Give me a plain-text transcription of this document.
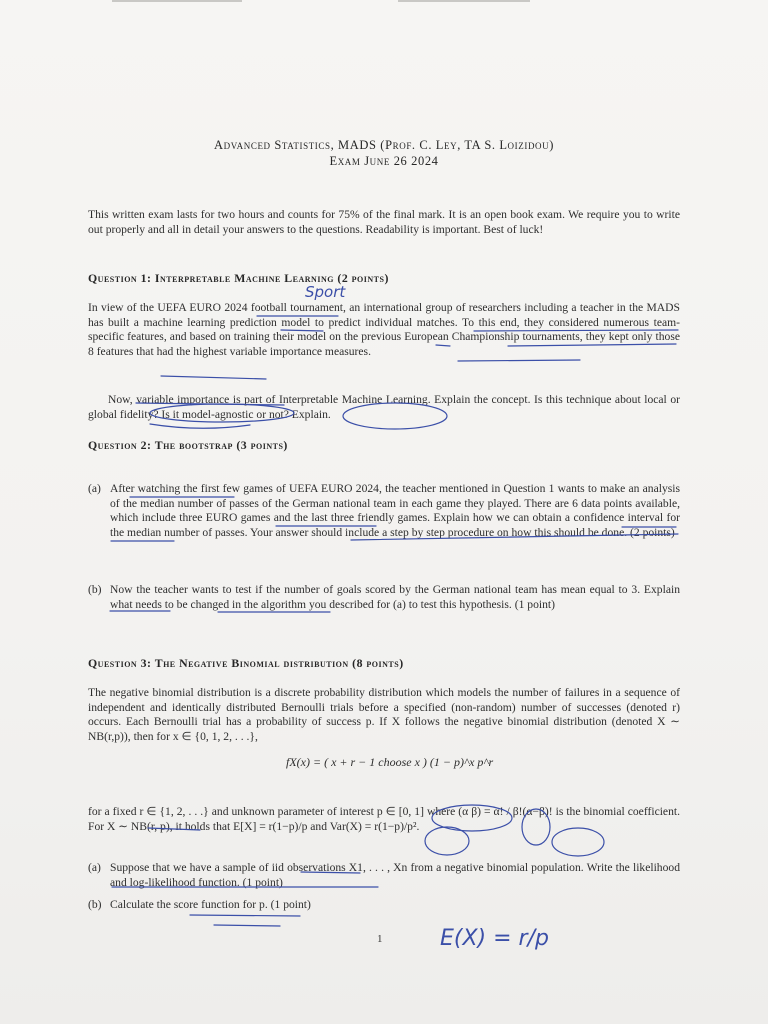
Advanced Statistics, MADS (Prof. C. Ley, TA S. Loizidou)
Exam June 26 2024
This written exam lasts for two hours and counts for 75% of the final mark. It is an open book exam. We require you to write out properly and all in detail your answers to the questions. Readability is important. Best of luck!
Question 1: Interpretable Machine Learning (2 points)
In view of the UEFA EURO 2024 football tournament, an international group of researchers including a teacher in the MADS has built a machine learning prediction model to predict individual matches. To this end, they considered numerous team-specific features, and based on training their model on the previous European Championship tournaments, they kept only those 8 features that had the highest variable importance measures.
Now, variable importance is part of Interpretable Machine Learning. Explain the concept. Is this technique about local or global fidelity? Is it model-agnostic or not? Explain.
Question 2: The bootstrap (3 points)
(a) After watching the first few games of UEFA EURO 2024, the teacher mentioned in Question 1 wants to make an analysis of the median number of passes of the German national team in each game they played. There are 6 data points available, which include three EURO games and the last three friendly games. Explain how we can obtain a confidence interval for the median number of passes. Your answer should include a step by step procedure on how this should be done. (2 points)
(b) Now the teacher wants to test if the number of goals scored by the German national team has mean equal to 3. Explain what needs to be changed in the algorithm you described for (a) to test this hypothesis. (1 point)
Question 3: The Negative Binomial distribution (8 points)
The negative binomial distribution is a discrete probability distribution which models the number of failures in a sequence of independent and identically distributed Bernoulli trials before a specified (non-random) number of successes (denoted r) occurs. Each Bernoulli trial has a probability of success p. If X follows the negative binomial distribution (denoted X ∼ NB(r,p)), then for x ∈ {0, 1, 2, . . .},
fX(x) = ( x + r − 1 choose x ) (1 − p)^x p^r
for a fixed r ∈ {1, 2, . . .} and unknown parameter of interest p ∈ [0, 1] where (α β) = α! / β!(α−β)! is the binomial coefficient. For X ∼ NB(r, p), it holds that E[X] = r(1−p)/p and Var(X) = r(1−p)/p².
(a) Suppose that we have a sample of iid observations X1, . . . , Xn from a negative binomial population. Write the likelihood and log-likelihood function. (1 point)
(b) Calculate the score function for p. (1 point)
1
Sport
E(X) = r/p
